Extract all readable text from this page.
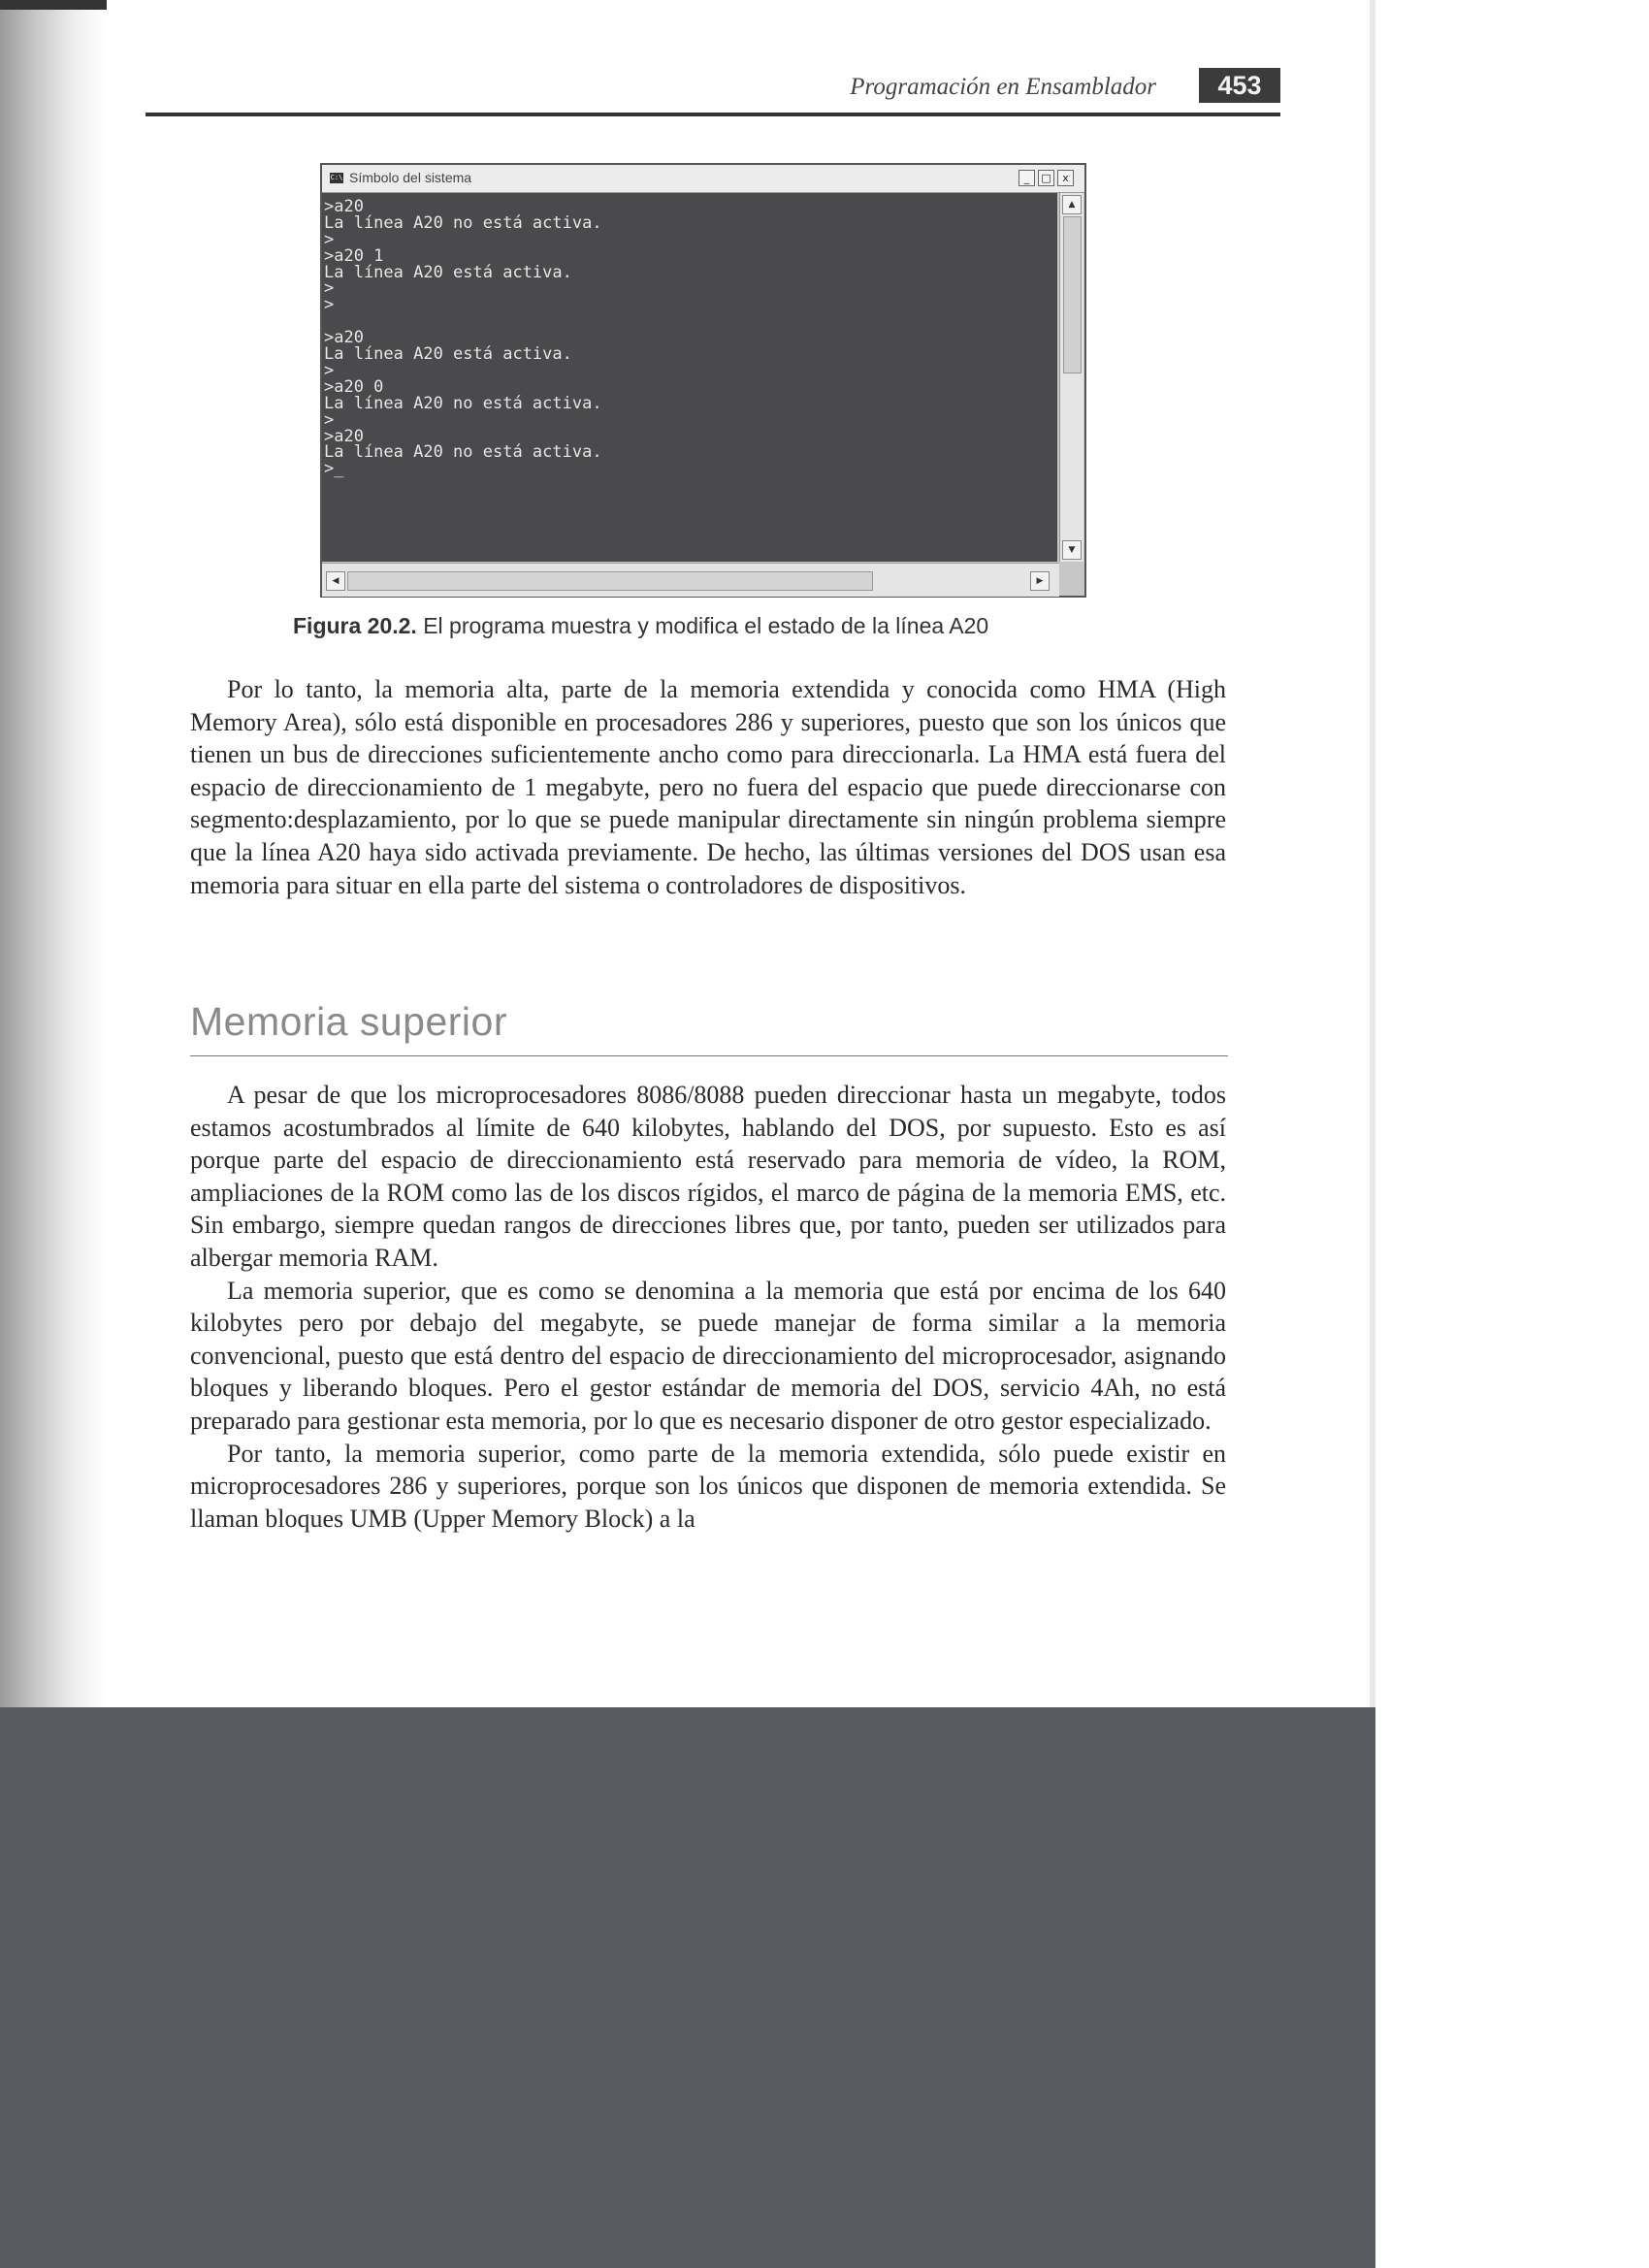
Programación en Ensamblador	453
C:\ Símbolo del sistema	_	□	x
>a20
La línea A20 no está activa.
>
>a20 1
La línea A20 está activa.
>
>
>a20
La línea A20 está activa.
>
>a20 0
La línea A20 no está activa.
>
>a20
La línea A20 no está activa.
>_
▲
▼
◀	▶
Figura 20.2. El programa muestra y modifica el estado de la línea A20

Por lo tanto, la memoria alta, parte de la memoria extendida y conocida como HMA (High Memory Area), sólo está disponible en procesadores 286 y superiores, puesto que son los únicos que tienen un bus de direcciones suficientemente ancho como para direccionarla. La HMA está fuera del espacio de direccionamiento de 1 megabyte, pero no fuera del espacio que puede direccionarse con segmento:desplazamiento, por lo que se puede manipular directamente sin ningún problema siempre que la línea A20 haya sido activada previamente. De hecho, las últimas versiones del DOS usan esa memoria para situar en ella parte del sistema o controladores de dispositivos.

Memoria superior

A pesar de que los microprocesadores 8086/8088 pueden direccionar hasta un megabyte, todos estamos acostumbrados al límite de 640 kilobytes, hablando del DOS, por supuesto. Esto es así porque parte del espacio de direccionamiento está reservado para memoria de vídeo, la ROM, ampliaciones de la ROM como las de los discos rígidos, el marco de página de la memoria EMS, etc. Sin embargo, siempre quedan rangos de direcciones libres que, por tanto, pueden ser utilizados para albergar memoria RAM.

La memoria superior, que es como se denomina a la memoria que está por encima de los 640 kilobytes pero por debajo del megabyte, se puede manejar de forma similar a la memoria convencional, puesto que está dentro del espacio de direccionamiento del microprocesador, asignando bloques y liberando bloques. Pero el gestor estándar de memoria del DOS, servicio 4Ah, no está preparado para gestionar esta memoria, por lo que es necesario disponer de otro gestor especializado.

Por tanto, la memoria superior, como parte de la memoria extendida, sólo puede existir en microprocesadores 286 y superiores, porque son los únicos que disponen de memoria extendida. Se llaman bloques UMB (Upper Memory Block) a la
